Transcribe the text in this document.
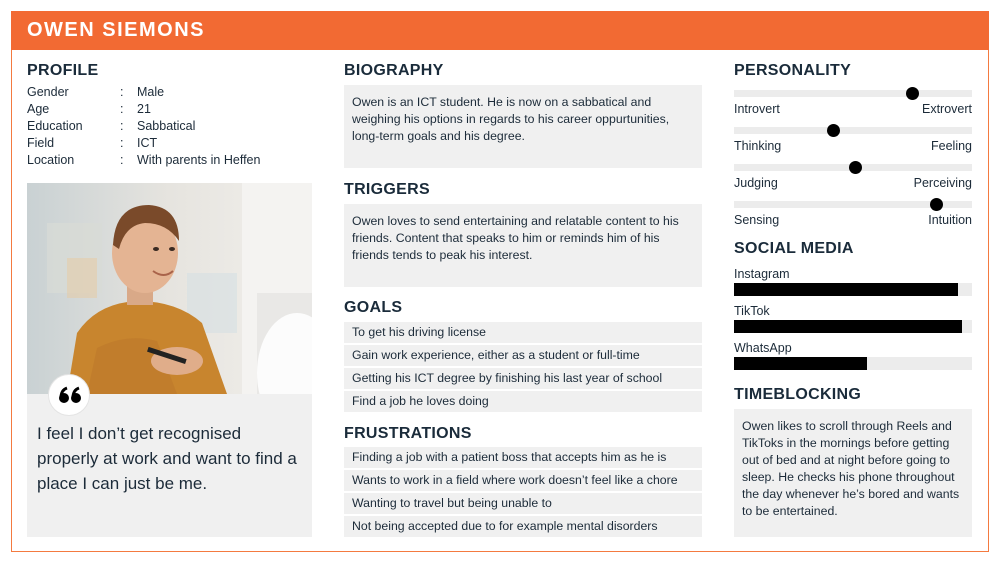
OWEN SIEMONS
PROFILE
Gender	: Male
Age	: 21
Education	: Sabbatical
Field	: ICT
Location	: With parents in Heffen
I feel I don’t get recognised properly at work and want to find a place I can just be me.
BIOGRAPHY
Owen is an ICT student. He is now on a sabbatical and weighing his options in regards to his career oppurtunities, long-term goals and his degree.
TRIGGERS
Owen loves to send entertaining and relatable content to his friends. Content that speaks to him or reminds him of his friends tends to peak his interest.
GOALS
To get his driving license
Gain work experience, either as a student or full-time
Getting his ICT degree by finishing his last year of school
Find a job he loves doing
FRUSTRATIONS
Finding a job with a patient boss that accepts him as he is
Wants to work in a field where work doesn’t feel like a chore
Wanting to travel but being unable to
Not being accepted due to for example mental disorders
PERSONALITY
Introvert	Extrovert
Thinking	Feeling
Judging	Perceiving
Sensing	Intuition
SOCIAL MEDIA
Instagram
TikTok
WhatsApp
TIMEBLOCKING
Owen likes to scroll through Reels and TikToks in the mornings before getting out of bed and at night before going to sleep. He checks his phone throughout the day whenever he’s bored and wants to be entertained.
